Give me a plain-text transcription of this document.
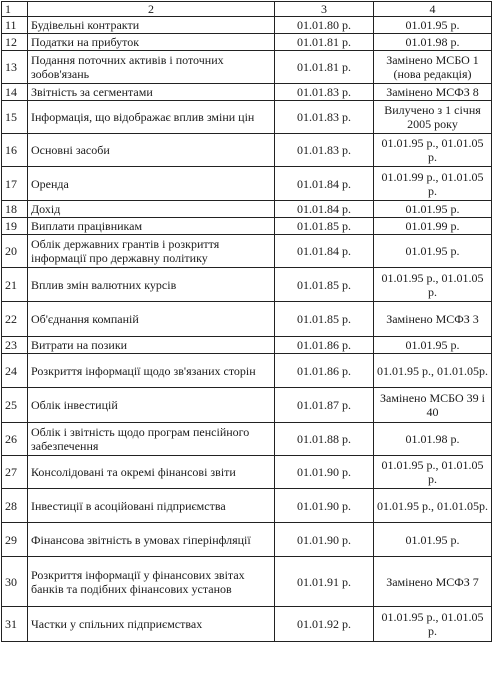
1	2	3	4
11	Будівельні контракти	01.01.80 р.	01.01.95 р.
12	Податки на прибуток	01.01.81 р.	01.01.98 р.
13	Подання поточних активів і поточних зобов'язань	01.01.81 р.	Замінено МСБО 1 (нова редакція)
14	Звітність за сегментами	01.01.83 р.	Замінено МСФЗ 8
15	Інформація, що відображає вплив зміни цін	01.01.83 р.	Вилучено з 1 січня 2005 року
16	Основні засоби	01.01.83 р.	01.01.95 р., 01.01.05 р.
17	Оренда	01.01.84 р.	01.01.99 р., 01.01.05 р.
18	Дохід	01.01.84 р.	01.01.95 р.
19	Виплати працівникам	01.01.85 р.	01.01.99 р.
20	Облік державних грантів і розкриття інформації про державну політику	01.01.84 р.	01.01.95 р.
21	Вплив змін валютних курсів	01.01.85 р.	01.01.95 р., 01.01.05 р.
22	Об'єднання компаній	01.01.85 р.	Замінено МСФЗ 3
23	Витрати на позики	01.01.86 р.	01.01.95 р.
24	Розкриття інформації щодо зв'язаних сторін	01.01.86 р.	01.01.95 р., 01.01.05р.
25	Облік інвестицій	01.01.87 р.	Замінено МСБО 39 і 40
26	Облік і звітність щодо програм пенсійного забезпечення	01.01.88 р.	01.01.98 р.
27	Консолідовані та окремі фінансові звіти	01.01.90 р.	01.01.95 р., 01.01.05 р.
28	Інвестиції в асоційовані підприємства	01.01.90 р.	01.01.95 р., 01.01.05р.
29	Фінансова звітність в умовах гіперінфляції	01.01.90 р.	01.01.95 р.
30	Розкриття інформації у фінансових звітах банків та подібних фінансових установ	01.01.91 р.	Замінено МСФЗ 7
31	Частки у спільних підприємствах	01.01.92 р.	01.01.95 р., 01.01.05 р.
